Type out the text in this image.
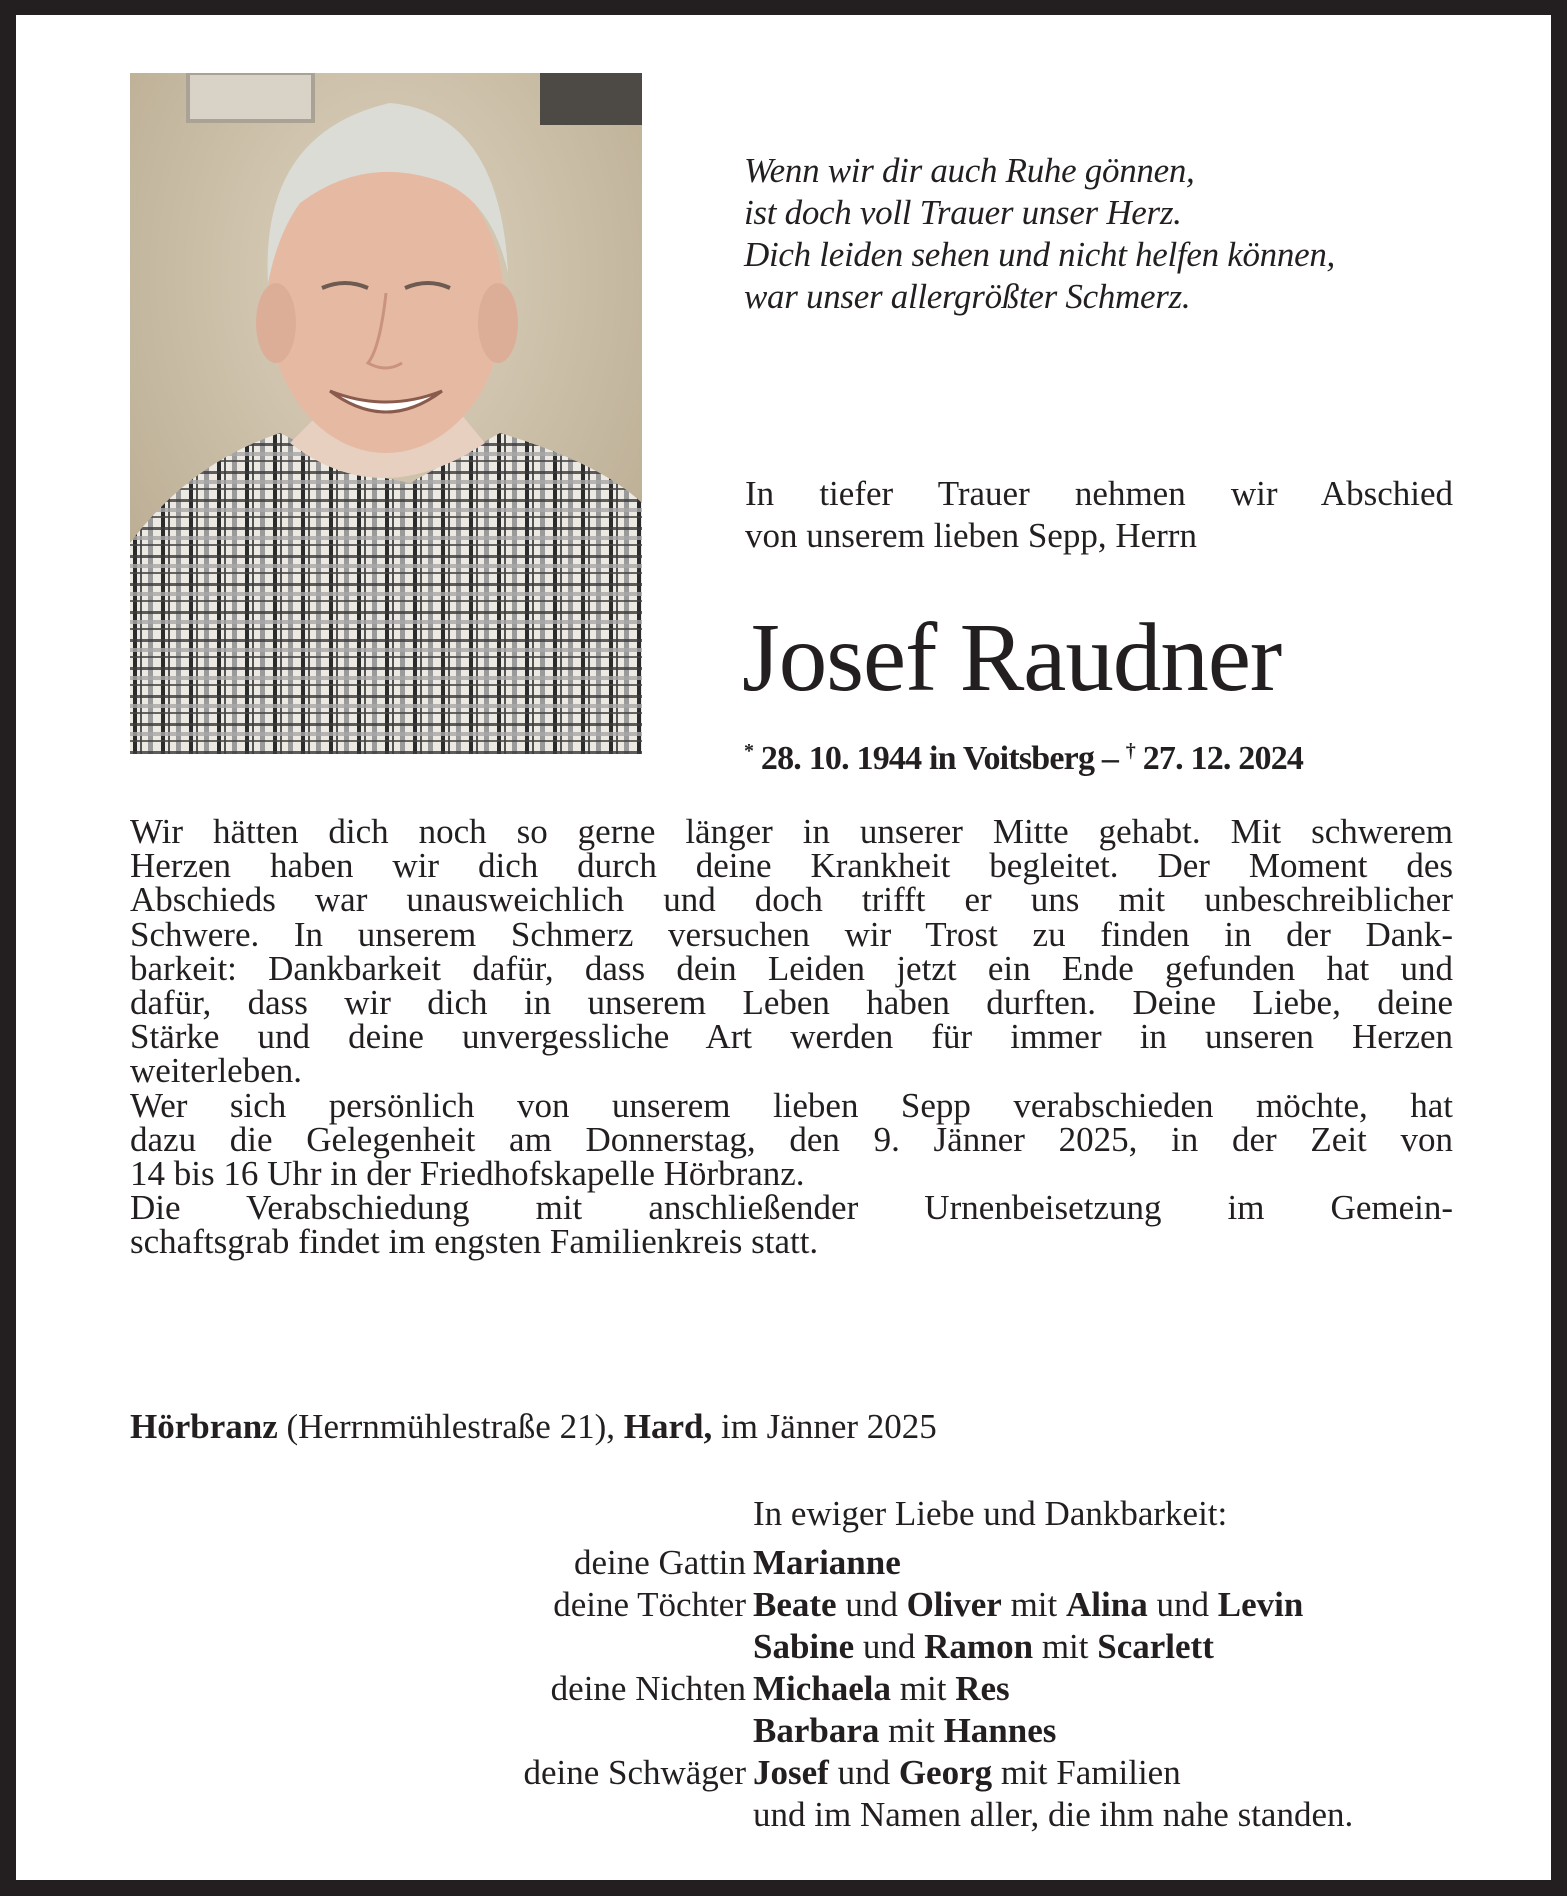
Wenn wir dir auch Ruhe gönnen,
ist doch voll Trauer unser Herz.
Dich leiden sehen und nicht helfen können,
war unser allergrößter Schmerz.
In tiefer Trauer nehmen wir Abschied
von unserem lieben Sepp, Herrn
Josef Raudner
* 28. 10. 1944 in Voitsberg – † 27. 12. 2024
Wir hätten dich noch so gerne länger in unserer Mitte gehabt. Mit schwerem
Herzen haben wir dich durch deine Krankheit begleitet. Der Moment des
Abschieds war unausweichlich und doch trifft er uns mit unbeschreiblicher
Schwere. In unserem Schmerz versuchen wir Trost zu finden in der Dank-
barkeit: Dankbarkeit dafür, dass dein Leiden jetzt ein Ende gefunden hat und
dafür, dass wir dich in unserem Leben haben durften. Deine Liebe, deine
Stärke und deine unvergessliche Art werden für immer in unseren Herzen
weiterleben.
Wer sich persönlich von unserem lieben Sepp verabschieden möchte, hat
dazu die Gelegenheit am Donnerstag, den 9. Jänner 2025, in der Zeit von
14 bis 16 Uhr in der Friedhofskapelle Hörbranz.
Die Verabschiedung mit anschließender Urnenbeisetzung im Gemein-
schaftsgrab findet im engsten Familienkreis statt.
Hörbranz (Herrnmühlestraße 21), Hard, im Jänner 2025
In ewiger Liebe und Dankbarkeit:
deine Gattin Marianne
deine Töchter Beate und Oliver mit Alina und Levin
Sabine und Ramon mit Scarlett
deine Nichten Michaela mit Res
Barbara mit Hannes
deine Schwäger Josef und Georg mit Familien
und im Namen aller, die ihm nahe standen.
